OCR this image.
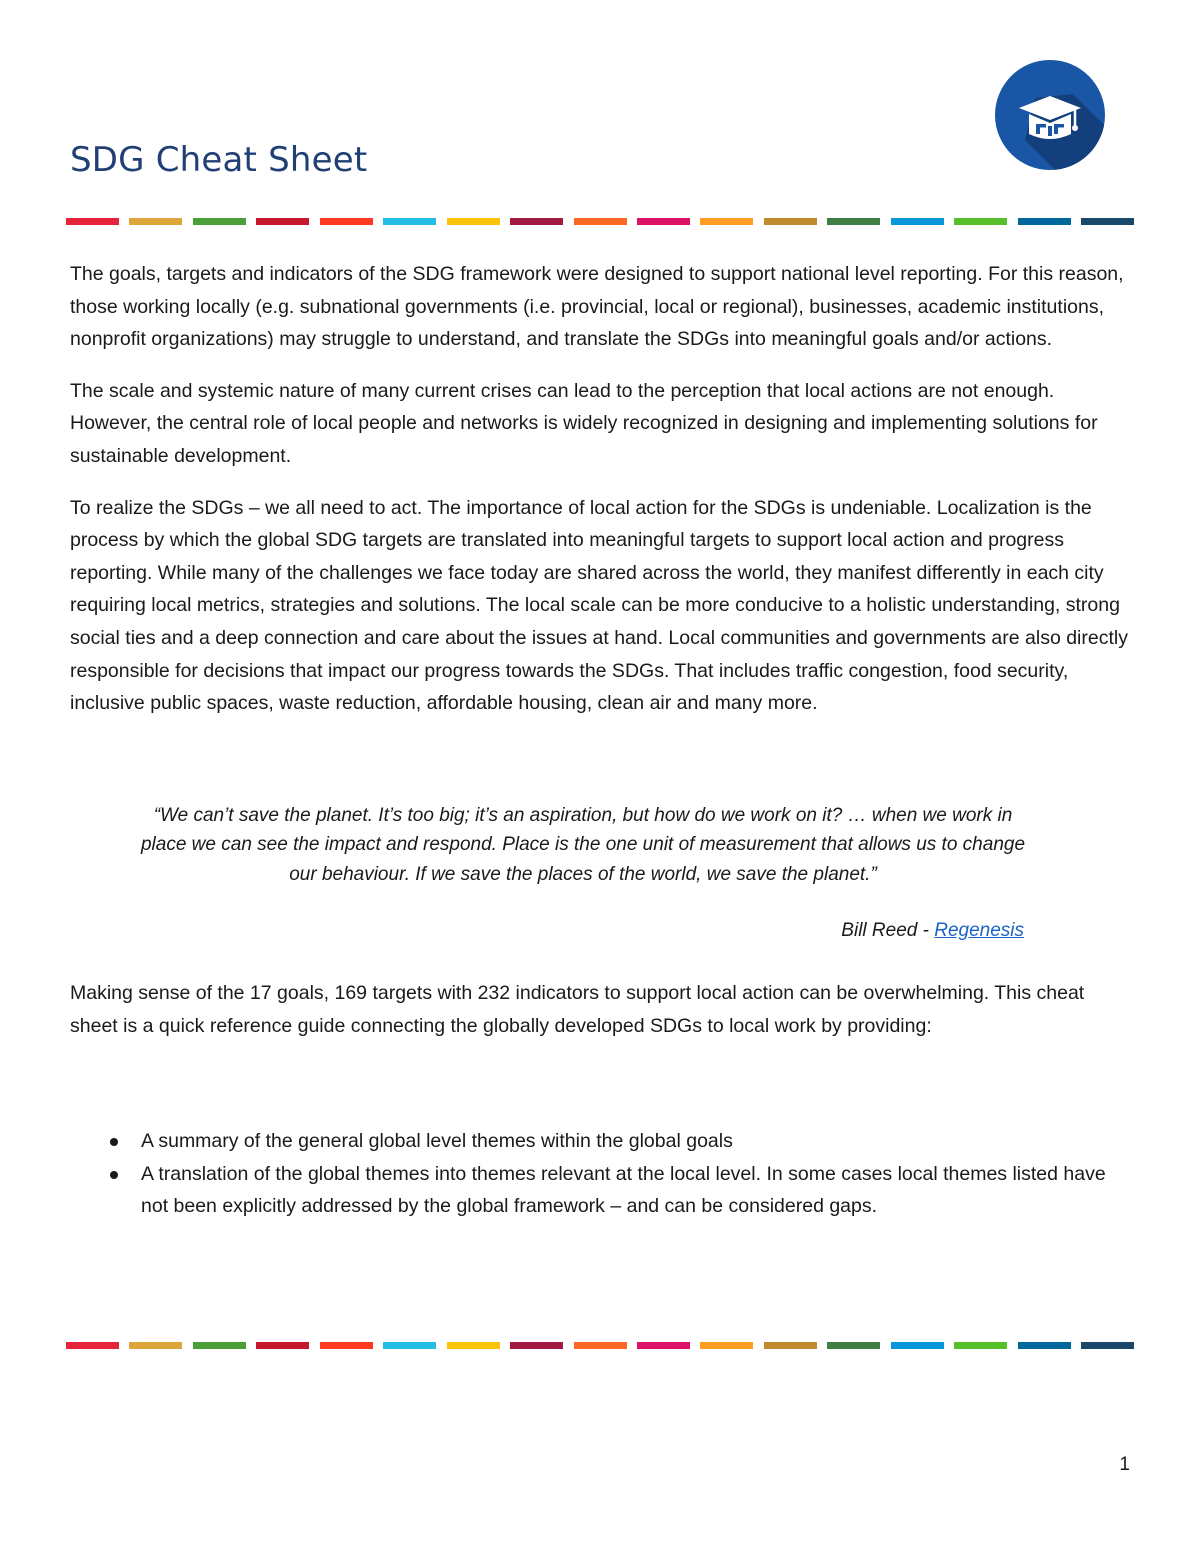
SDG Cheat Sheet

The goals, targets and indicators of the SDG framework were designed to support national level reporting. For this reason, those working locally (e.g. subnational governments (i.e. provincial, local or regional), businesses, academic institutions, nonprofit organizations) may struggle to understand, and translate the SDGs into meaningful goals and/or actions.

The scale and systemic nature of many current crises can lead to the perception that local actions are not enough. However, the central role of local people and networks is widely recognized in designing and implementing solutions for sustainable development.

To realize the SDGs – we all need to act. The importance of local action for the SDGs is undeniable. Localization is the process by which the global SDG targets are translated into meaningful targets to support local action and progress reporting. While many of the challenges we face today are shared across the world, they manifest differently in each city requiring local metrics, strategies and solutions. The local scale can be more conducive to a holistic understanding, strong social ties and a deep connection and care about the issues at hand. Local communities and governments are also directly responsible for decisions that impact our progress towards the SDGs. That includes traffic congestion, food security, inclusive public spaces, waste reduction, affordable housing, clean air and many more.

“We can’t save the planet. It’s too big; it’s an aspiration, but how do we work on it? … when we work in place we can see the impact and respond. Place is the one unit of measurement that allows us to change our behaviour. If we save the places of the world, we save the planet.”

Bill Reed - Regenesis

Making sense of the 17 goals, 169 targets with 232 indicators to support local action can be overwhelming. This cheat sheet is a quick reference guide connecting the globally developed SDGs to local work by providing:

A summary of the general global level themes within the global goals
A translation of the global themes into themes relevant at the local level. In some cases local themes listed have not been explicitly addressed by the global framework – and can be considered gaps.
1
